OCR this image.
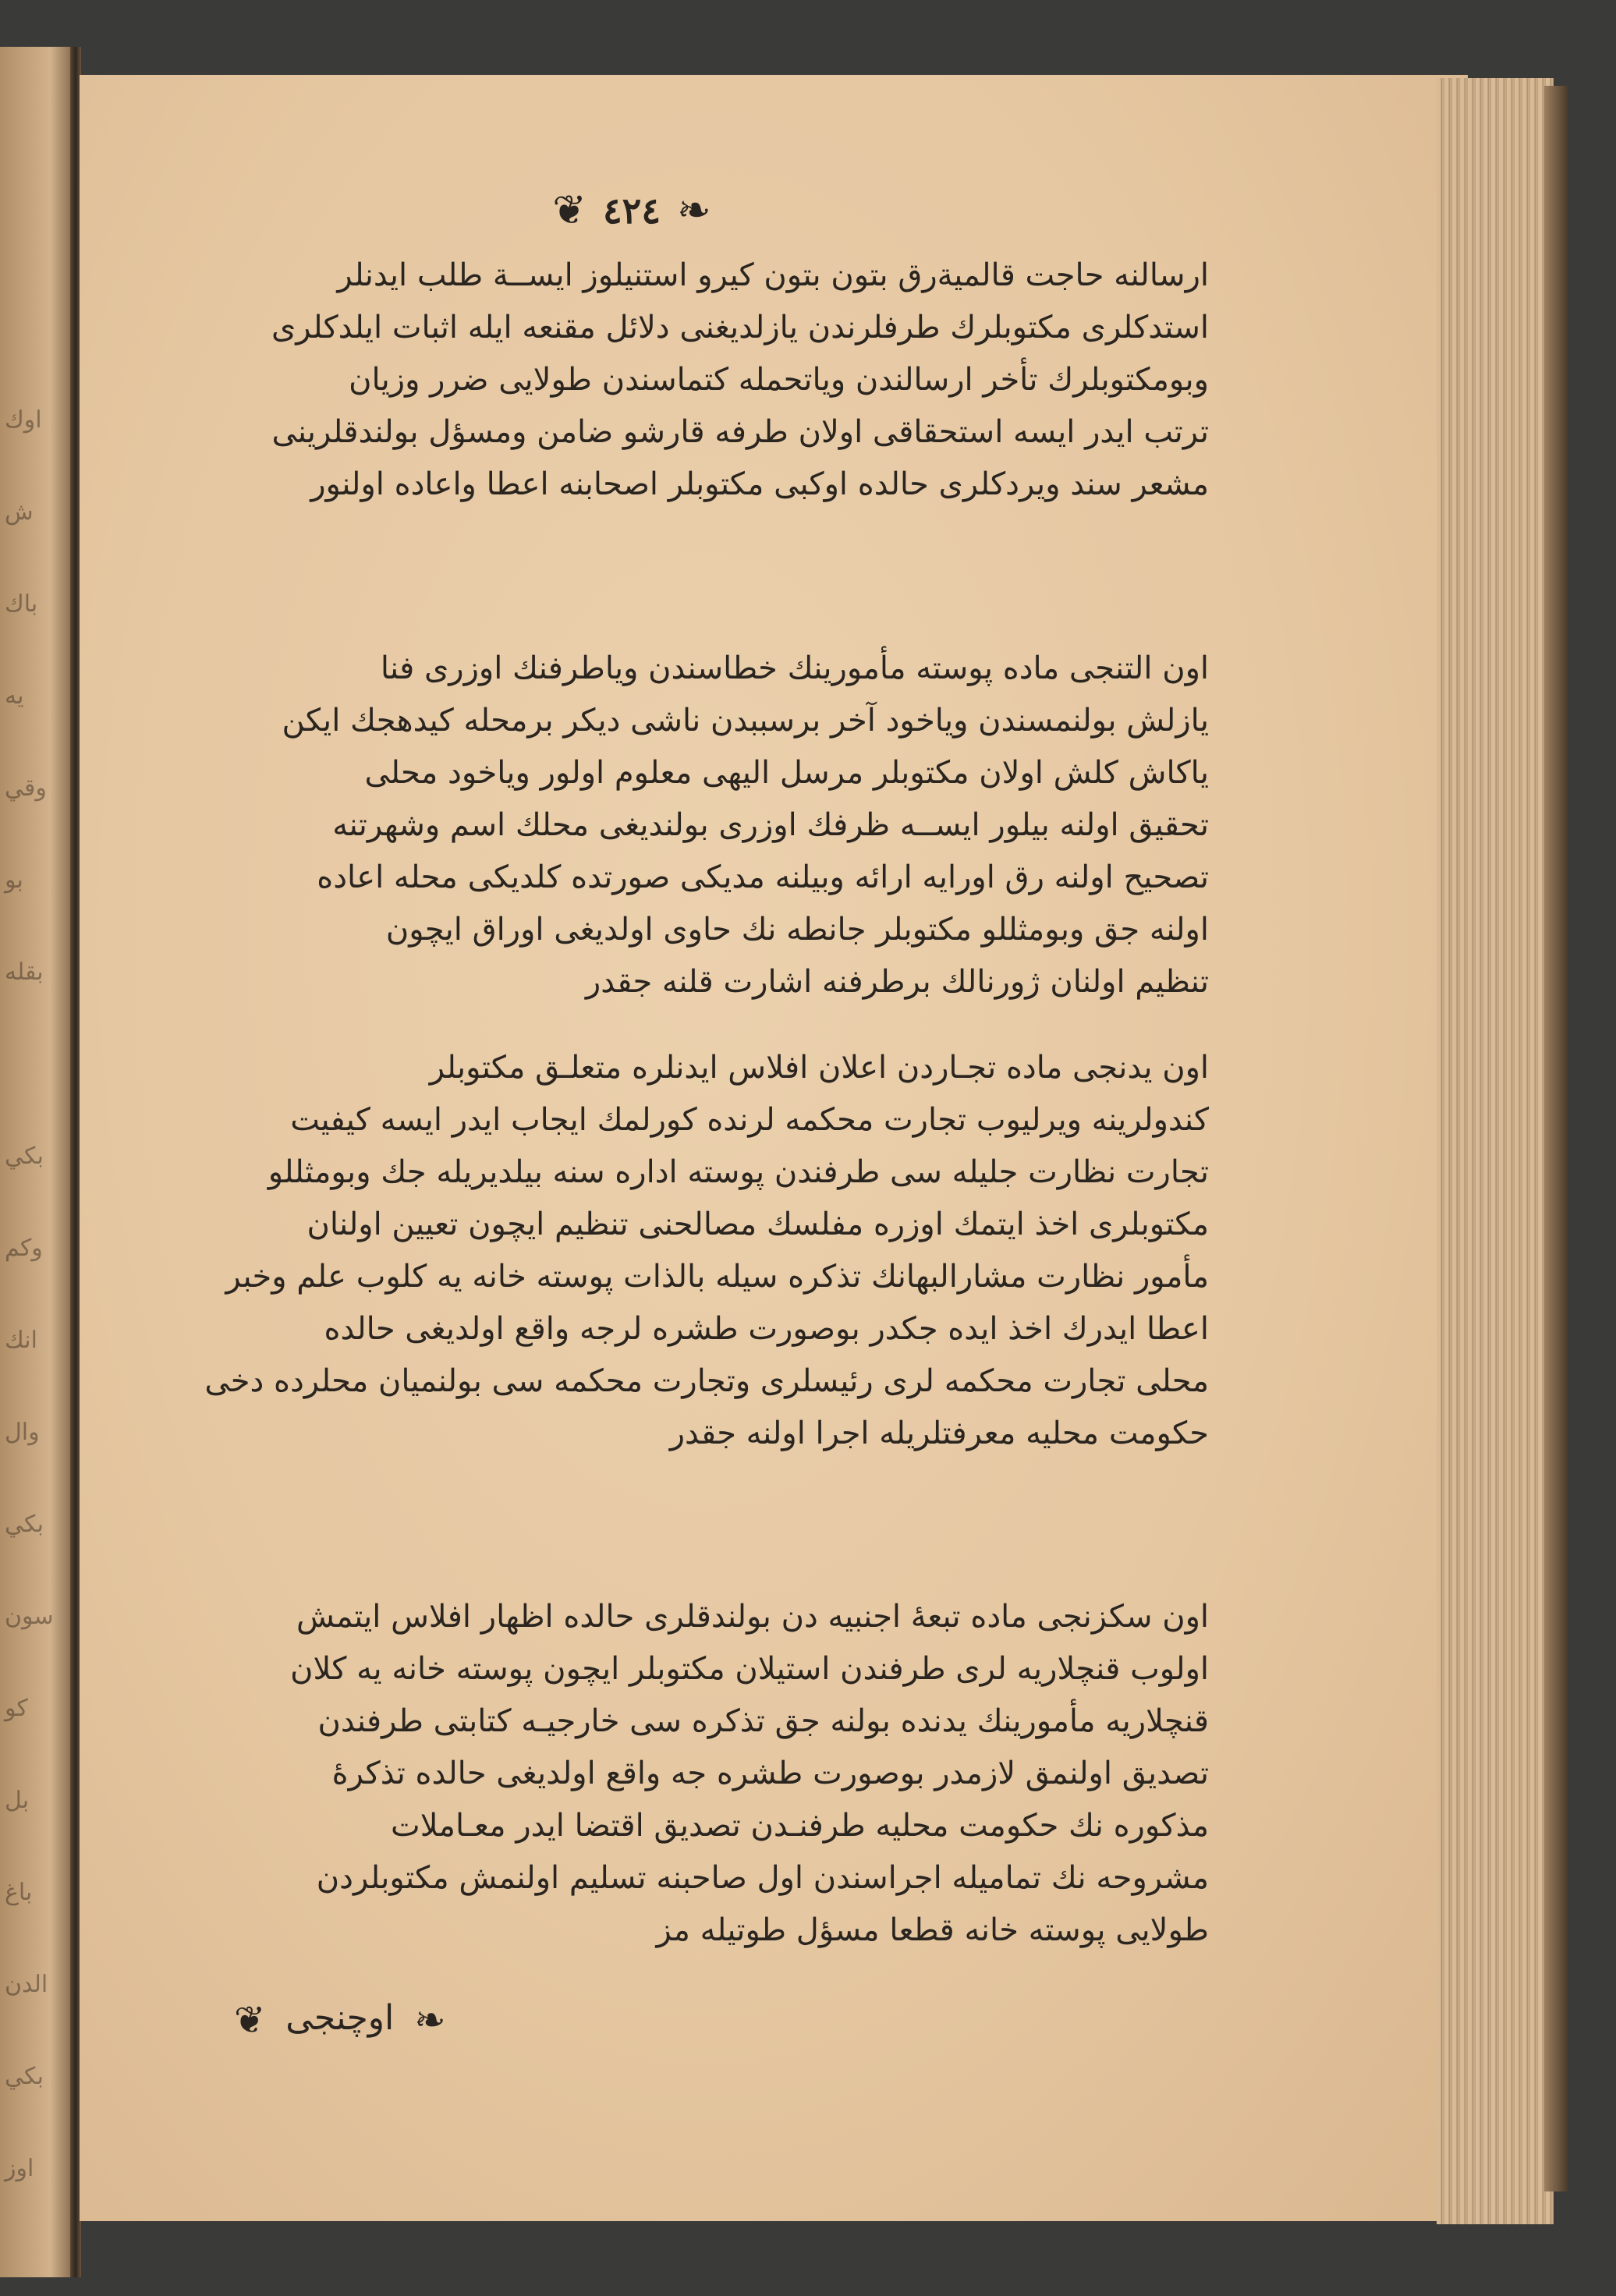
اوك
ش
باك
يه
وقي
بو
بقله
بكي
وكم
انك
وال
بكي
سون
كو
بل
باغ
الدن
بكي
اوز
❦ ٤٢٤ ❧
ارسالنه حاجت قالميةرق بتون بتون كيرو استنيلوز ايســة طلب ايدنلر
استدكلرى مكتوبلرك طرفلرندن يازلديغنى دلائل مقنعه ايله اثبات ايلدكلرى
وبومكتوبلرك تأخر ارسالندن وياتحمله كتماسندن طولايى ضرر وزيان
ترتب ايدر ايسه استحقاقى اولان طرفه قارشو ضامن ومسؤل بولندقلرينى
مشعر سند ويردكلرى حالده اوكبى مكتوبلر اصحابنه اعطا واعاده اولنور
اون التنجى ماده پوسته مأمورينك خطاسندن وياطرفنك اوزرى فنا
يازلش بولنمسندن وياخود آخر برسببدن ناشى ديكر برمحله كيدهجك ايكن
ياكاش كلش اولان مكتوبلر مرسل اليهى معلوم اولور وياخود محلى
تحقيق اولنه بيلور ايســه ظرفك اوزرى بولنديغى محلك اسم وشهرتنه
تصحيح اولنه رق اورايه ارائه وبيلنه مديكى صورتده كلديكى محله اعاده
اولنه جق وبومثللو مكتوبلر جانطه نك حاوى اولديغى اوراق ايچون
تنظيم اولنان ژورنالك برطرفنه اشارت قلنه جقدر
اون يدنجى ماده تجـاردن اعلان افلاس ايدنلره متعلـق مكتوبلر
كندولرينه ويرليوب تجارت محكمه لرنده كورلمك ايجاب ايدر ايسه كيفيت
تجارت نظارت جليله سى طرفندن پوسته اداره سنه بيلديريله جك وبومثللو
مكتوبلرى اخذ ايتمك اوزره مفلسك مصالحنى تنظيم ايچون تعيين اولنان
مأمور نظارت مشارالبهانك تذكره سيله بالذات پوسته خانه يه كلوب علم وخبر
اعطا ايدرك اخذ ايده جكدر بوصورت طشره لرجه واقع اولديغى حالده
محلى تجارت محكمه لرى رئيسلرى وتجارت محكمه سى بولنميان محلرده دخى
حكومت محليه معرفتلريله اجرا اولنه جقدر
اون سكزنجى ماده تبعۀ اجنبيه دن بولندقلرى حالده اظهار افلاس ايتمش
اولوب قنچلاريه لرى طرفندن استيلان مكتوبلر ايچون پوسته خانه يه كلان
قنچلاريه مأمورينك يدنده بولنه جق تذكره سى خارجيـه كتابتى طرفندن
تصديق اولنمق لازمدر بوصورت طشره جه واقع اولديغى حالده تذكرۀ
مذكوره نك حكومت محليه طرفنـدن تصديق اقتضا ايدر معـاملات
مشروحه نك تماميله اجراسندن اول صاحبنه تسليم اولنمش مكتوبلردن
طولايى پوسته خانه قطعا مسؤل طوتيله مز
❦ اوچنجى ❧
